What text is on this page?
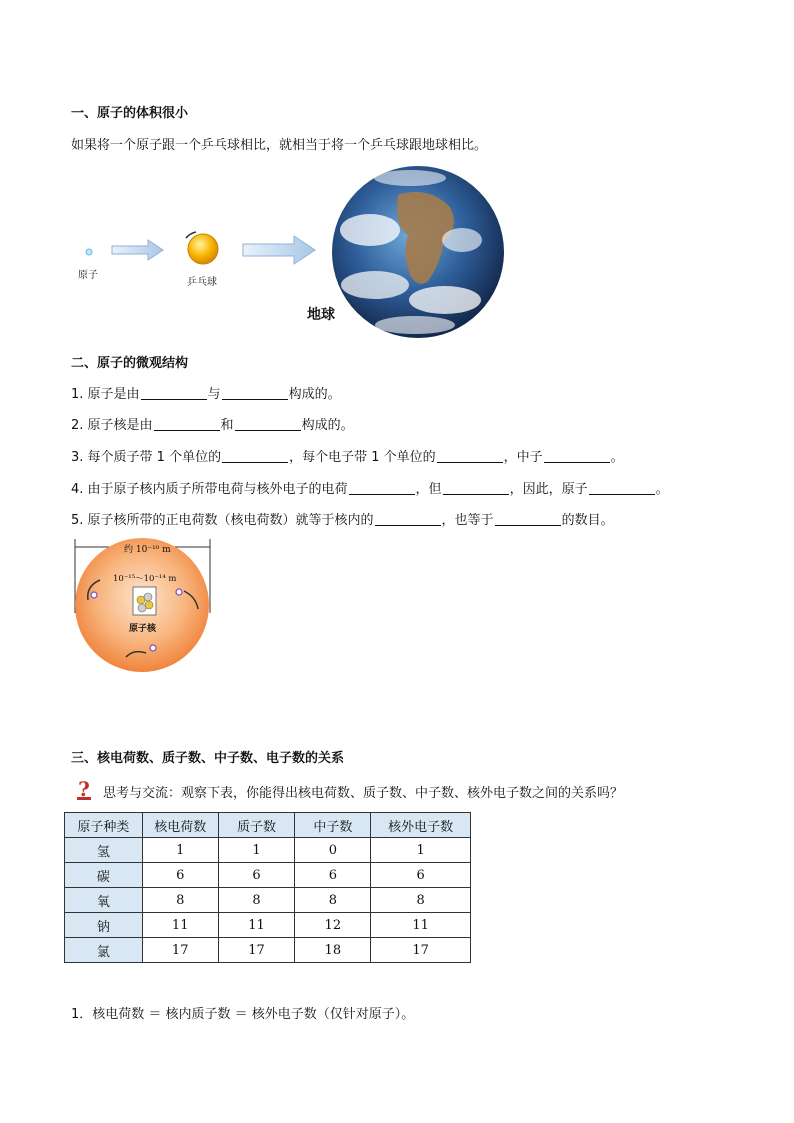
一、原子的体积很小
如果将一个原子跟一个乒乓球相比，就相当于将一个乒乓球跟地球相比。
原子
乒乓球
地球
二、原子的微观结构
1. 原子是由	与	构成的。
2. 原子核是由	和	构成的。
3. 每个质子带 1 个单位的	，每个电子带 1 个单位的	，中子	。
4. 由于原子核内质子所带电荷与核外电子的电荷	，但	，因此，原子	。
5. 原子核所带的正电荷数（核电荷数）就等于核内的	，也等于	的数目。
约 10⁻¹⁰ m
10⁻¹⁵～10⁻¹⁴ m
原子核
三、核电荷数、质子数、中子数、电子数的关系
? 思考与交流：观察下表，你能得出核电荷数、质子数、中子数、核外电子数之间的关系吗？
原子种类	核电荷数	质子数	中子数	核外电子数
氢	1	1	0	1
碳	6	6	6	6
氧	8	8	8	8
钠	11	11	12	11
氯	17	17	18	17
1．核电荷数 ＝ 核内质子数 ＝ 核外电子数（仅针对原子）。
